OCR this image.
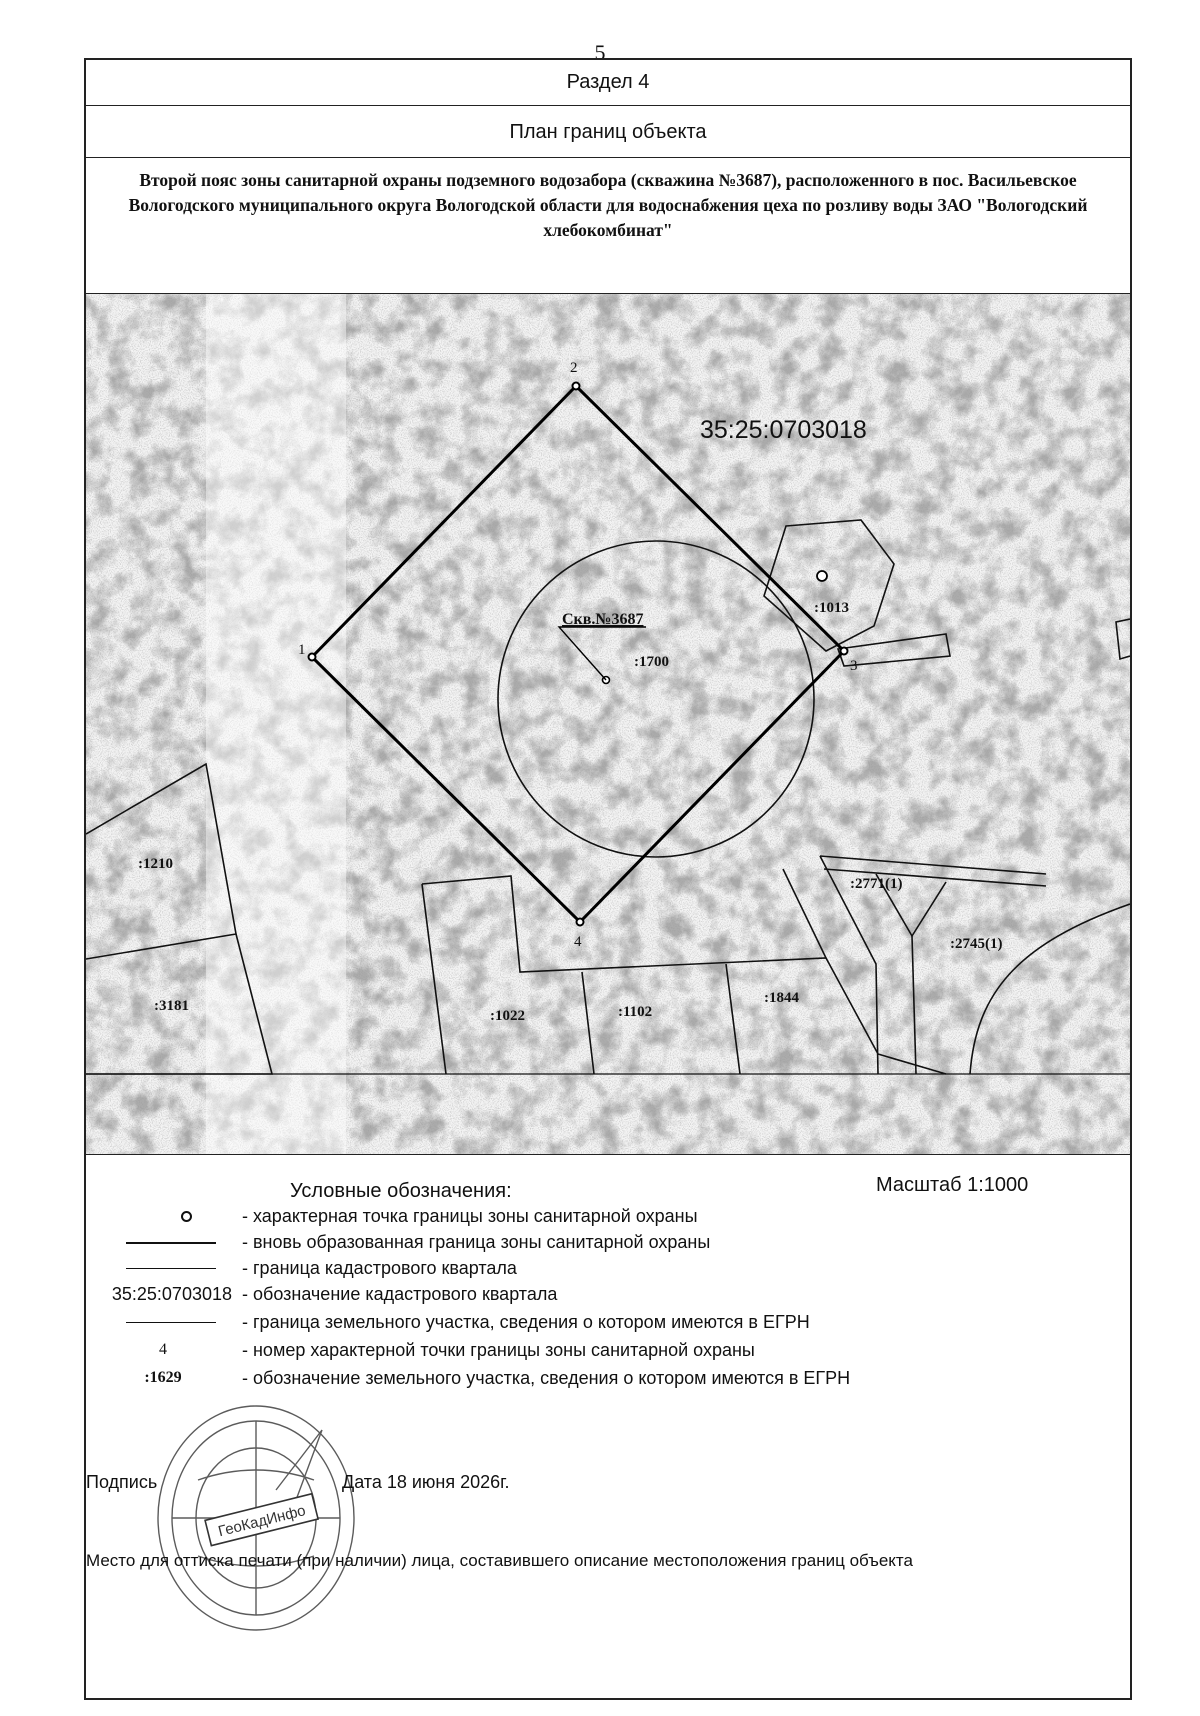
5
Раздел 4
План границ объекта
Второй пояс зоны санитарной охраны подземного водозабора (скважина №3687), расположенного в пос. Васильевское Вологодского муниципального округа Вологодской области для водоснабжения цеха по розливу воды ЗАО "Вологодский хлебокомбинат"
35:25:0703018
Скв.№3687
1
2
3
4
:1700
:1013
:1210
:3181
:1022	:1102
:1844
:2771(1)
:2745(1)
Условные обозначения:	Масштаб 1:1000
- характерная точка границы зоны санитарной охраны
- вновь образованная граница зоны санитарной охраны
- граница кадастрового квартала
35:25:0703018 - обозначение кадастрового квартала
- граница земельного участка, сведения о котором имеются в ЕГРН
4	- номер характерной точки границы зоны санитарной охраны
:1629	- обозначение земельного участка, сведения о котором имеются в ЕГРН
ГеоКадИнфо
Подпись	Дата 18 июня 2026г.
Место для оттиска печати (при наличии) лица, составившего описание местоположения границ объекта
